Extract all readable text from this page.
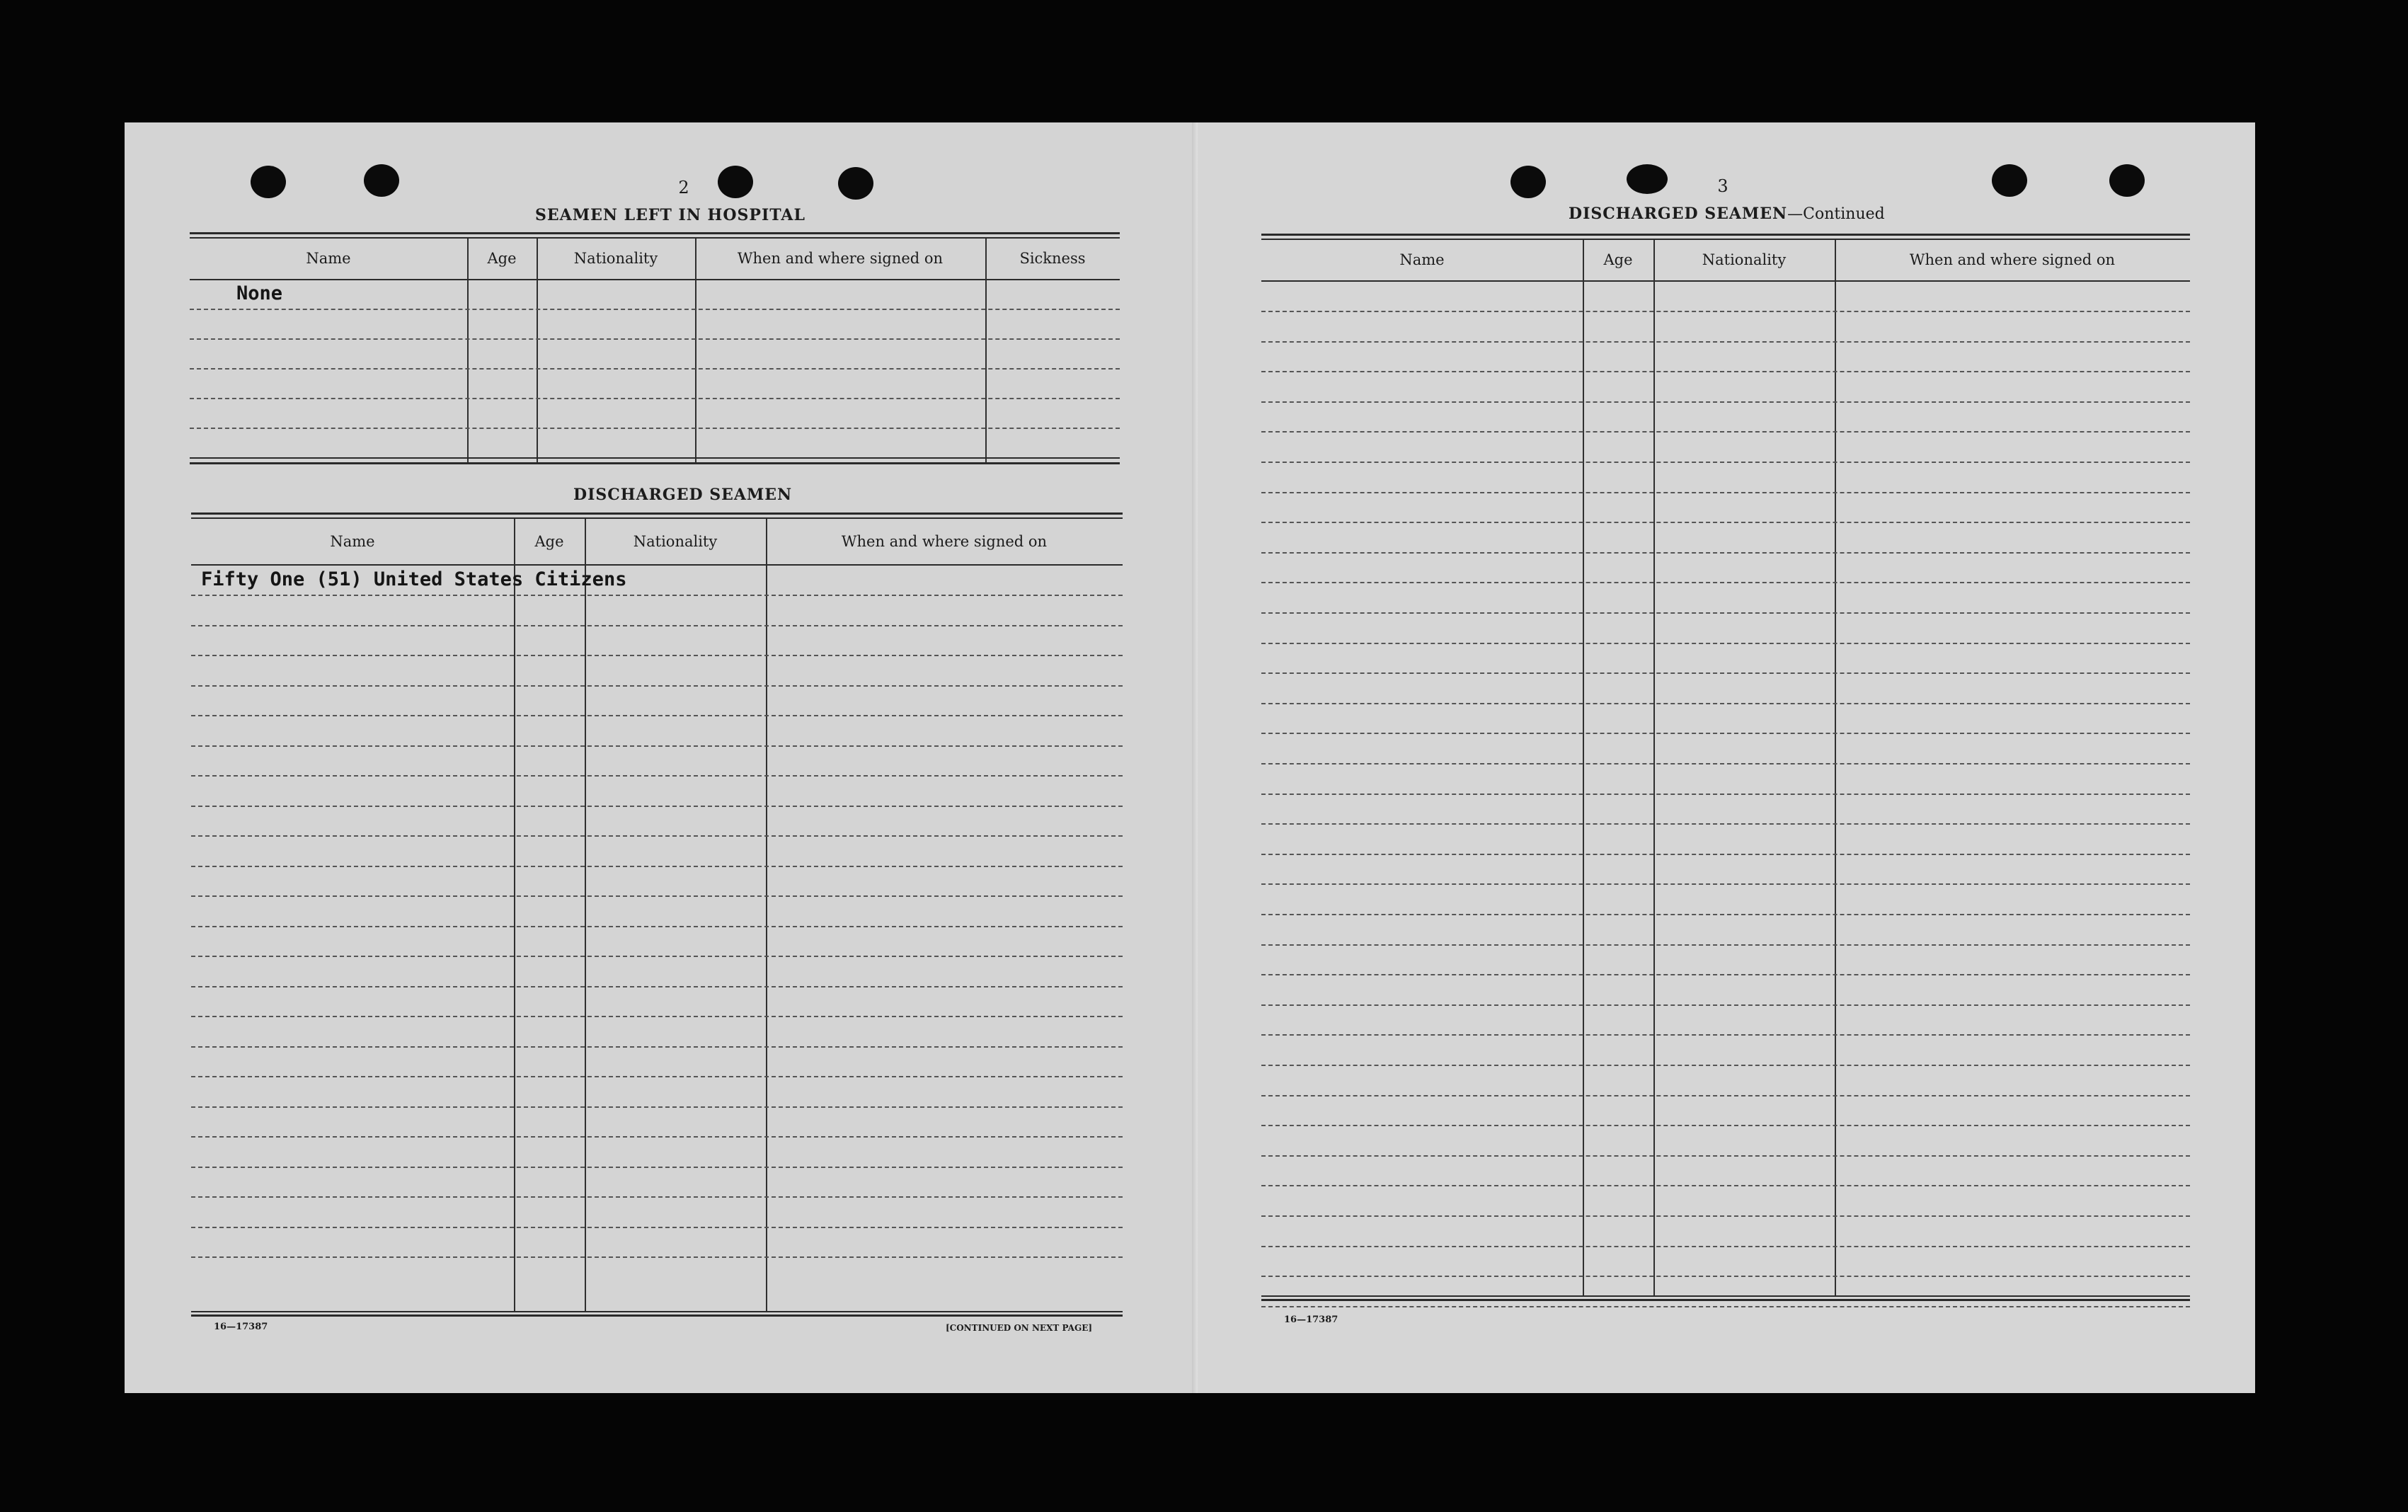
2
SEAMEN LEFT IN HOSPITAL
Name	Age	Nationality	When and where signed on	Sickness
None
DISCHARGED SEAMEN
Name	Age	Nationality	When and where signed on
Fifty One (51) United States Citizens
16—17387	[CONTINUED ON NEXT PAGE]
3
DISCHARGED SEAMEN—Continued
Name	Age	Nationality	When and where signed on
16—17387
